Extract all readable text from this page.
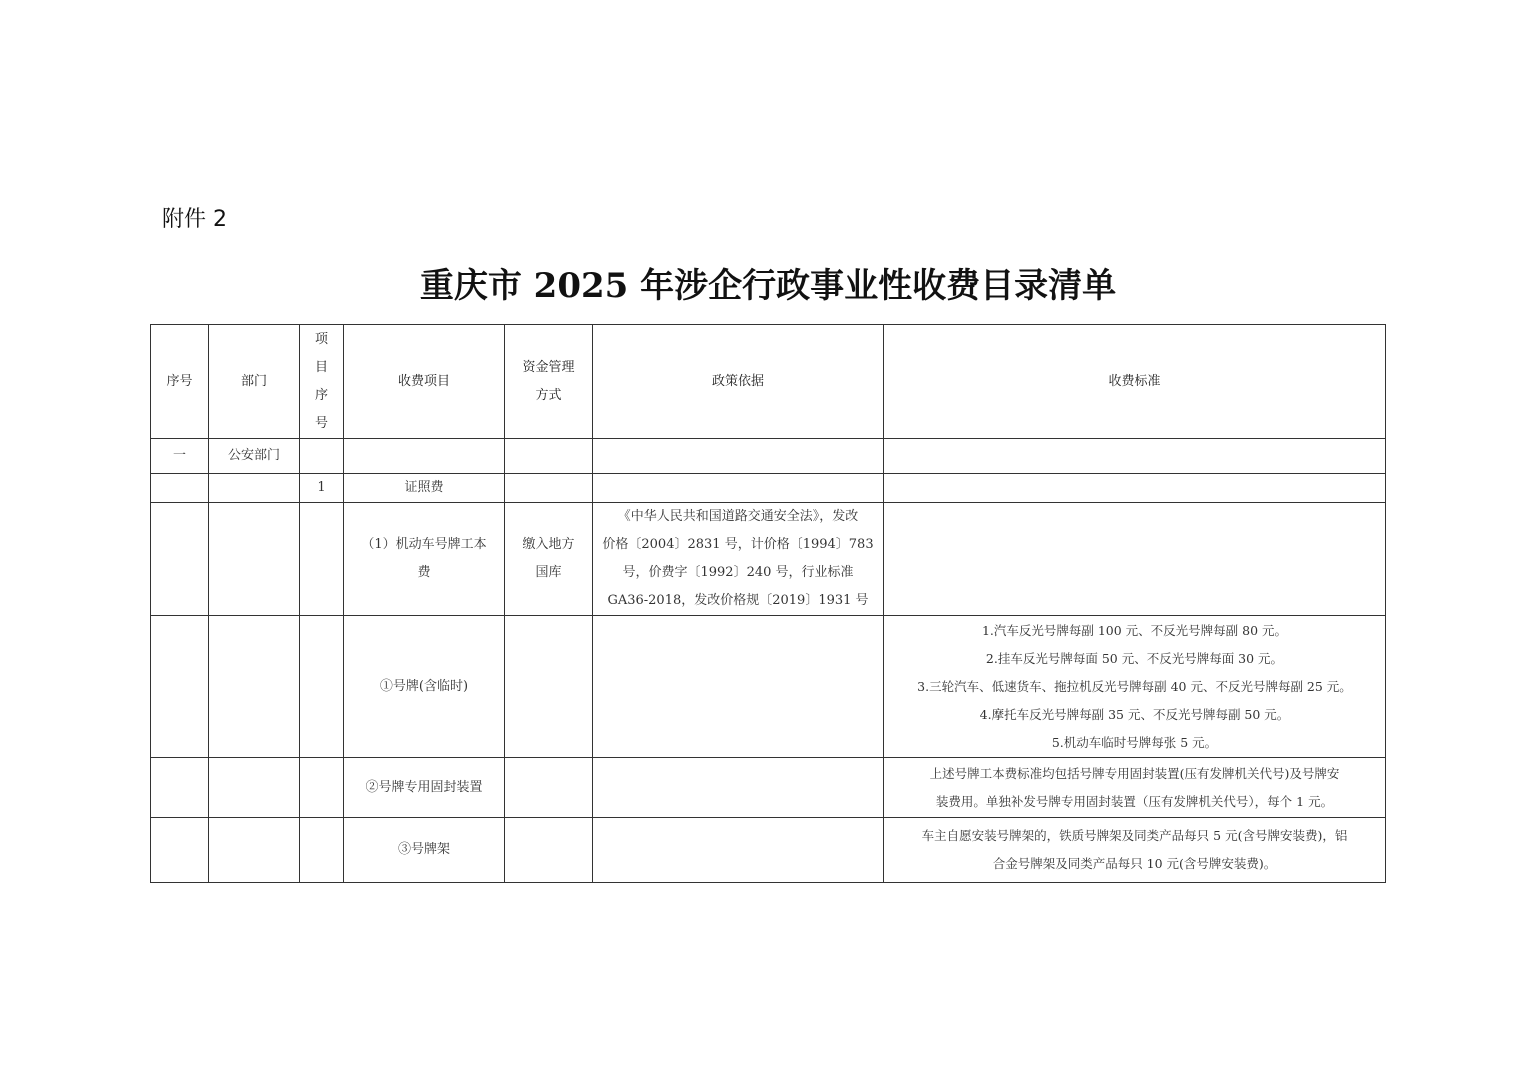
附件 2
重庆市 2025 年涉企行政事业性收费目录清单
序号	部门	项
目
序
号	收费项目	资金管理
方式	政策依据	收费标准
一	公安部门					
		1	证照费			
			（1）机动车号牌工本费	缴入地方国库	《中华人民共和国道路交通安全法》，发改
价格〔2004〕2831 号，计价格〔1994〕783
号，价费字〔1992〕240 号，行业标准
GA36-2018，发改价格规〔2019〕1931 号	

			①号牌(含临时)			1.汽车反光号牌每副 100 元、不反光号牌每副 80 元。
2.挂车反光号牌每面 50 元、不反光号牌每面 30 元。
3.三轮汽车、低速货车、拖拉机反光号牌每副 40 元、不反光号牌每副 25 元。
4.摩托车反光号牌每副 35 元、不反光号牌每副 50 元。
5.机动车临时号牌每张 5 元。

			②号牌专用固封装置			上述号牌工本费标准均包括号牌专用固封装置(压有发牌机关代号)及号牌安
装费用。单独补发号牌专用固封装置（压有发牌机关代号），每个 1 元。

			③号牌架			车主自愿安装号牌架的，铁质号牌架及同类产品每只 5 元(含号牌安装费)，铝
合金号牌架及同类产品每只 10 元(含号牌安装费)。
